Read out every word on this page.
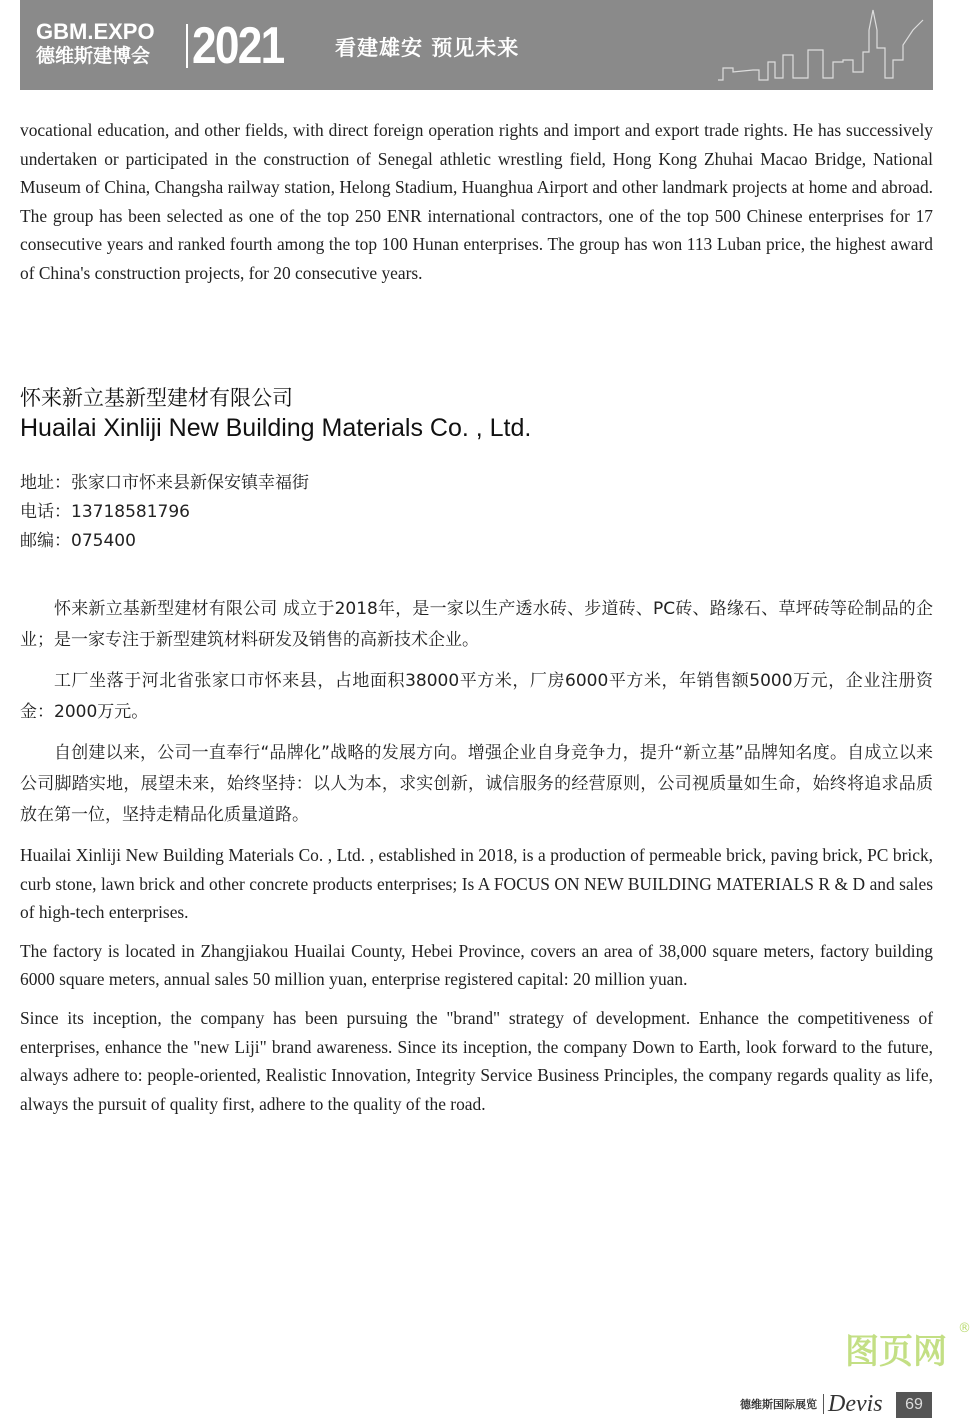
GBM.EXPO
德维斯建博会 2021 看建雄安 预见未来
vocational education, and other fields, with direct foreign operation rights and import and export trade rights. He has successively undertaken or participated in the construction of Senegal athletic wrestling field, Hong Kong Zhuhai Macao Bridge, National Museum of China, Changsha railway station, Helong Stadium, Huanghua Airport and other landmark projects at home and abroad. The group has been selected as one of the top 250 ENR international contractors, one of the top 500 Chinese enterprises for 17 consecutive years and ranked fourth among the top 100 Hunan enterprises. The group has won 113 Luban price, the highest award of China's construction projects, for 20 consecutive years.
怀来新立基新型建材有限公司
Huailai Xinliji New Building Materials Co. , Ltd.
地址：张家口市怀来县新保安镇幸福街
电话：13718581796
邮编：075400

怀来新立基新型建材有限公司 成立于2018年，是一家以生产透水砖、步道砖、PC砖、路缘石、草坪砖等砼制品的企业；是一家专注于新型建筑材料研发及销售的高新技术企业。

工厂坐落于河北省张家口市怀来县，占地面积38000平方米，厂房6000平方米，年销售额5000万元，企业注册资金：2000万元。

自创建以来，公司一直奉行“品牌化”战略的发展方向。增强企业自身竞争力，提升“新立基”品牌知名度。自成立以来公司脚踏实地，展望未来，始终坚持：以人为本，求实创新，诚信服务的经营原则，公司视质量如生命，始终将追求品质放在第一位，坚持走精品化质量道路。

Huailai Xinliji New Building Materials Co. , Ltd. , established in 2018, is a production of permeable brick, paving brick, PC brick, curb stone, lawn brick and other concrete products enterprises; Is A FOCUS ON NEW BUILDING MATERIALS R & D and sales of high-tech enterprises.

The factory is located in Zhangjiakou Huailai County, Hebei Province, covers an area of 38,000 square meters, factory building 6000 square meters, annual sales 50 million yuan, enterprise registered capital: 20 million yuan.

Since its inception, the company has been pursuing the "brand" strategy of development. Enhance the competitiveness of enterprises, enhance the "new Liji" brand awareness. Since its inception, the company Down to Earth, look forward to the future, always adhere to: people-oriented, Realistic Innovation, Integrity Service Business Principles, the company regards quality as life, always the pursuit of quality first, adhere to the quality of the road.

图页网
®
德维斯国际展览 Devis	69
